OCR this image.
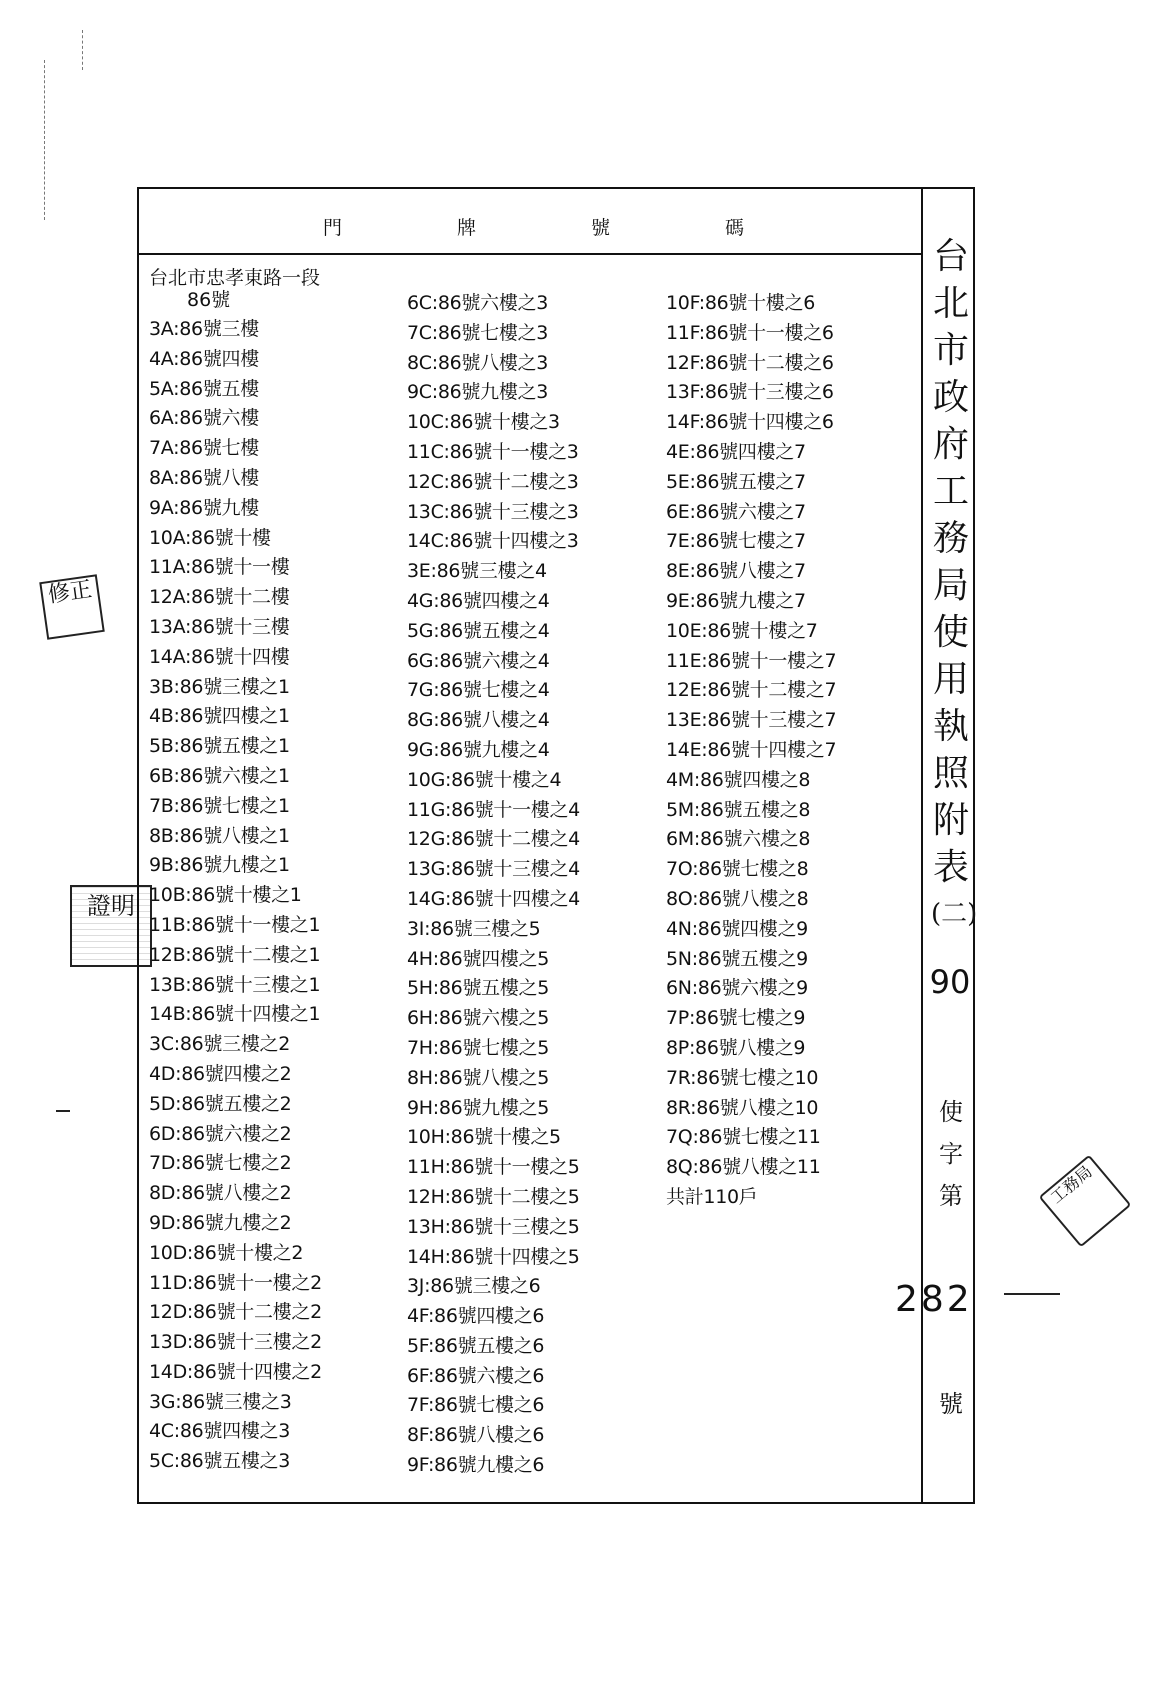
修正
證明
工務局
門	牌	號	碼
台北市忠孝東路一段
86號
3A:86號三樓
4A:86號四樓
5A:86號五樓
6A:86號六樓
7A:86號七樓
8A:86號八樓
9A:86號九樓
10A:86號十樓
11A:86號十一樓
12A:86號十二樓
13A:86號十三樓
14A:86號十四樓
3B:86號三樓之1
4B:86號四樓之1
5B:86號五樓之1
6B:86號六樓之1
7B:86號七樓之1
8B:86號八樓之1
9B:86號九樓之1
10B:86號十樓之1
11B:86號十一樓之1
12B:86號十二樓之1
13B:86號十三樓之1
14B:86號十四樓之1
3C:86號三樓之2
4D:86號四樓之2
5D:86號五樓之2
6D:86號六樓之2
7D:86號七樓之2
8D:86號八樓之2
9D:86號九樓之2
10D:86號十樓之2
11D:86號十一樓之2
12D:86號十二樓之2
13D:86號十三樓之2
14D:86號十四樓之2
3G:86號三樓之3
4C:86號四樓之3
5C:86號五樓之3
6C:86號六樓之3
7C:86號七樓之3
8C:86號八樓之3
9C:86號九樓之3
10C:86號十樓之3
11C:86號十一樓之3
12C:86號十二樓之3
13C:86號十三樓之3
14C:86號十四樓之3
3E:86號三樓之4
4G:86號四樓之4
5G:86號五樓之4
6G:86號六樓之4
7G:86號七樓之4
8G:86號八樓之4
9G:86號九樓之4
10G:86號十樓之4
11G:86號十一樓之4
12G:86號十二樓之4
13G:86號十三樓之4
14G:86號十四樓之4
3I:86號三樓之5
4H:86號四樓之5
5H:86號五樓之5
6H:86號六樓之5
7H:86號七樓之5
8H:86號八樓之5
9H:86號九樓之5
10H:86號十樓之5
11H:86號十一樓之5
12H:86號十二樓之5
13H:86號十三樓之5
14H:86號十四樓之5
3J:86號三樓之6
4F:86號四樓之6
5F:86號五樓之6
6F:86號六樓之6
7F:86號七樓之6
8F:86號八樓之6
9F:86號九樓之6
10F:86號十樓之6
11F:86號十一樓之6
12F:86號十二樓之6
13F:86號十三樓之6
14F:86號十四樓之6
4E:86號四樓之7
5E:86號五樓之7
6E:86號六樓之7
7E:86號七樓之7
8E:86號八樓之7
9E:86號九樓之7
10E:86號十樓之7
11E:86號十一樓之7
12E:86號十二樓之7
13E:86號十三樓之7
14E:86號十四樓之7
4M:86號四樓之8
5M:86號五樓之8
6M:86號六樓之8
7O:86號七樓之8
8O:86號八樓之8
4N:86號四樓之9
5N:86號五樓之9
6N:86號六樓之9
7P:86號七樓之9
8P:86號八樓之9
7R:86號七樓之10
8R:86號八樓之10
7Q:86號七樓之11
8Q:86號八樓之11
共計110戶
台
北
市
政
府
工
務
局
使
用
執
照
附
表
(二)
90
使
字
第
282
號
